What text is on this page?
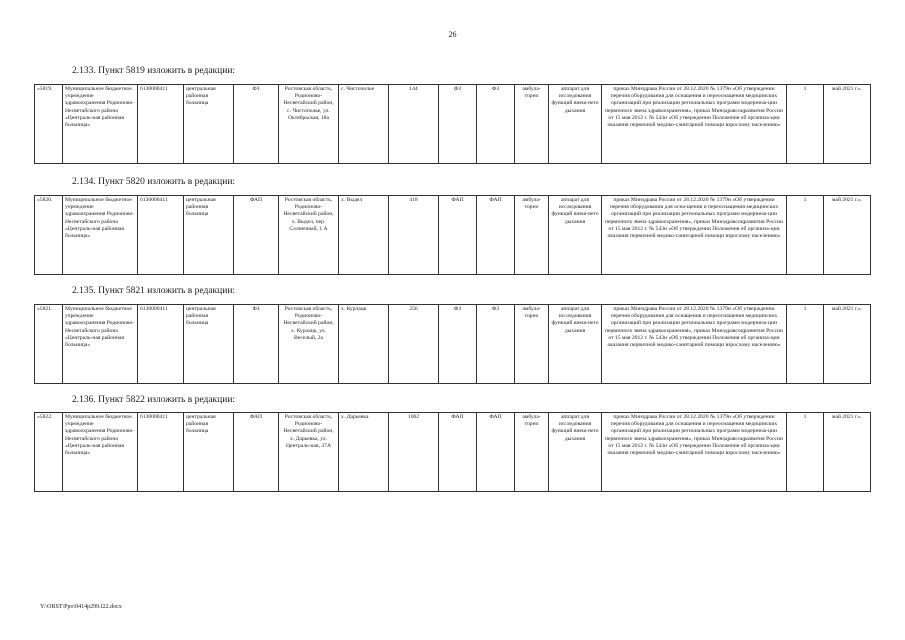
26
2.133. Пункт 5819 изложить в редакции:
«5819.	Муниципальное бюджетное учреждение здравоохранения Родионово-Несветайского района «Централь-ная районная больница»	6130000411	центральная районная больница	ФЗ	Ростовская область, Родионово-Несветайский район, с. Чистополье, ул. Октябрьская, 18а	с. Чистополье	144	ФЗ	ФЗ	амбула-торно	аппарат для исследования функций внеш-него дыхания	приказ Минздрава России от 28.12.2020 № 1379н «Об утверждении перечня оборудования для оснащения и переоснащения медицинских организаций при реализации региональных программ модерниза-ции первичного звена здравоохранения», приказ Минздравсоцразвития России от 15 мая 2012 г. № 543н «Об утверждении Положения об организа-ции оказания первичной медико-санитарной помощи взрослому населению»	1	май 2021 г.».
2.134. Пункт 5820 изложить в редакции:
«5820.	Муниципальное бюджетное учреждение здравоохранения Родионово-Несветайского района «Централь-ная районная больница»	6130000411	центральная районная больница	ФАП	Ростовская область, Родионово-Несветайский район, х. Выдел, пер. Солнечный, 1 А	х. Выдел	418	ФАП	ФАП	амбула-торно	аппарат для исследования функций внеш-него дыхания	приказ Минздрава России от 28.12.2020 № 1379н «Об утверждении перечня оборудования для осна-щения и переоснащения медицинских организаций при реализации региональных программ модерниза-ции первичного звена здравоохранения», приказ Минздравсоцразвития России от 15 мая 2012 г. № 543н «Об утверждении Положения об организа-ции оказания первичной медико-санитарной помощи взрослому населению»	1	май 2021 г.».
2.135. Пункт 5821 изложить в редакции:
«5821.	Муниципальное бюджетное учреждение здравоохранения Родионово-Несветайского района «Централь-ная районная больница»	6130000411	центральная районная больница	ФЗ	Ростовская область, Родионово-Несветайский район, х. Курлацк, ул. Веселый, 2а	х. Курлацк	256	ФЗ	ФЗ	амбула-торно	аппарат для исследования функций внеш-него дыхания	приказ Минздрава России от 28.12.2020 № 1379н «Об утверждении перечня оборудования для оснащения и переоснащения медицинских организаций при реализации региональных программ модерниза-ции первичного звена здравоохранения», приказ Минздравсоцразвития России от 15 мая 2012 г. № 543н «Об утверждении Положения об организа-ции оказания первичной медико-санитарной помощи взрослому населению»	1	май 2021 г.».
2.136. Пункт 5822 изложить в редакции:
«5822.	Муниципальное бюджетное учреждение здравоохранения Родионово-Несветайского района «Централь-ная районная больница»	6130000411	центральная районная больница	ФАП	Ростовская область, Родионово-Несветайский район, х. Дарьевка, ул. Централь-ная, 37А	х. Дарьевка	1002	ФАП	ФАП	амбула-торно	аппарат для исследования функций внеш-него дыхания	приказ Минздрава России от 28.12.2020 № 1379н «Об утверждении перечня оборудования для оснащения и переоснащения медицинских организаций при реализации региональных программ модерниза-ции первичного звена здравоохранения», приказ Минздравсоцразвития России от 15 мая 2012 г. № 543н «Об утверждении Положения об организа-ции оказания первичной медико-санитарной помощи взрослому населению»	1	май 2021 г.».
Y:\ORST\Ppo\0414p299.f22.docx
